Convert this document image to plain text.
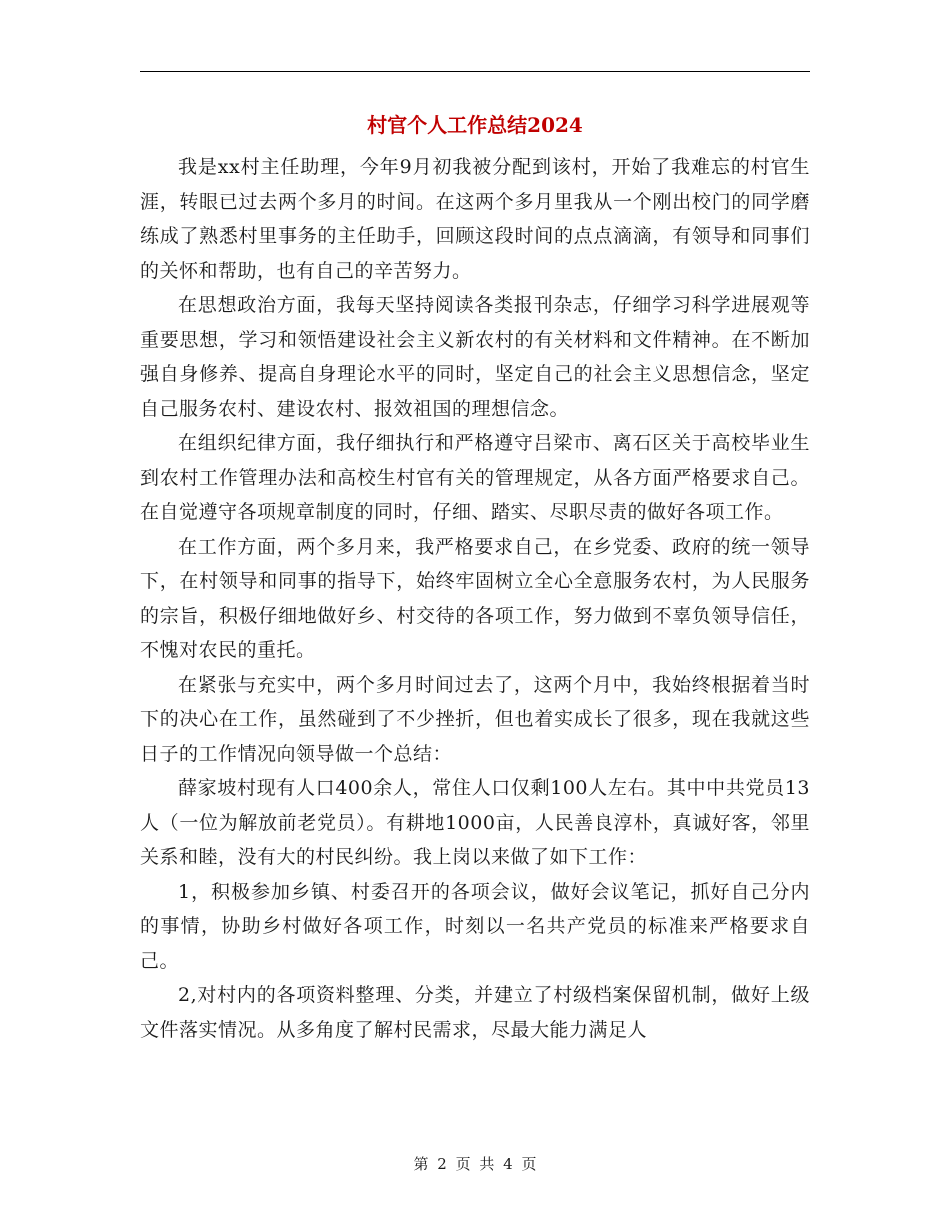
村官个人工作总结2024

我是xx村主任助理，今年9月初我被分配到该村，开始了我难忘的村官生涯，转眼已过去两个多月的时间。在这两个多月里我从一个刚出校门的同学磨练成了熟悉村里事务的主任助手，回顾这段时间的点点滴滴，有领导和同事们的关怀和帮助，也有自己的辛苦努力。

在思想政治方面，我每天坚持阅读各类报刊杂志，仔细学习科学进展观等重要思想，学习和领悟建设社会主义新农村的有关材料和文件精神。在不断加强自身修养、提高自身理论水平的同时，坚定自己的社会主义思想信念，坚定自己服务农村、建设农村、报效祖国的理想信念。

在组织纪律方面，我仔细执行和严格遵守吕梁市、离石区关于高校毕业生到农村工作管理办法和高校生村官有关的管理规定，从各方面严格要求自己。在自觉遵守各项规章制度的同时，仔细、踏实、尽职尽责的做好各项工作。

在工作方面，两个多月来，我严格要求自己，在乡党委、政府的统一领导下，在村领导和同事的指导下，始终牢固树立全心全意服务农村，为人民服务的宗旨，积极仔细地做好乡、村交待的各项工作，努力做到不辜负领导信任，不愧对农民的重托。

在紧张与充实中，两个多月时间过去了，这两个月中，我始终根据着当时下的决心在工作，虽然碰到了不少挫折，但也着实成长了很多，现在我就这些日子的工作情况向领导做一个总结：

薛家坡村现有人口400余人，常住人口仅剩100人左右。其中中共党员13人（一位为解放前老党员）。有耕地1000亩，人民善良淳朴，真诚好客，邻里关系和睦，没有大的村民纠纷。我上岗以来做了如下工作：

1，积极参加乡镇、村委召开的各项会议，做好会议笔记，抓好自己分内的事情，协助乡村做好各项工作，时刻以一名共产党员的标准来严格要求自己。

2,对村内的各项资料整理、分类，并建立了村级档案保留机制，做好上级文件落实情况。从多角度了解村民需求，尽最大能力满足人

第 2 页 共 4 页
